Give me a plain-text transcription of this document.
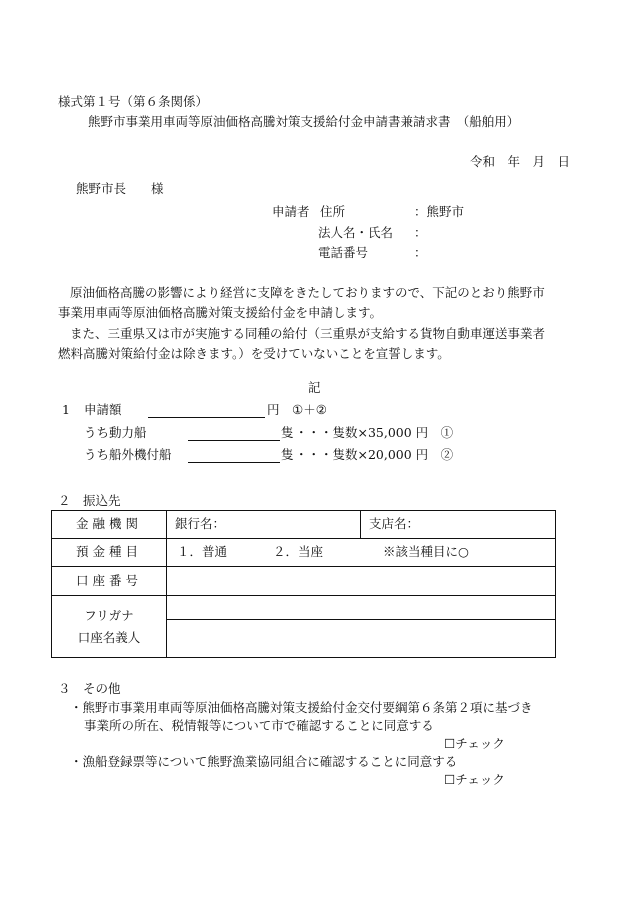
様式第１号（第６条関係）
熊野市事業用車両等原油価格高騰対策支援給付金申請書兼請求書　（船舶用）
令和　年　月　日
熊野市長　　様
申請者 住所	：熊野市
法人名・氏名 ：
電話番号	：
原油価格高騰の影響により経営に支障をきたしておりますので、下記のとおり熊野市
事業用車両等原油価格高騰対策支援給付金を申請します。
また、三重県又は市が実施する同種の給付（三重県が支給する貨物自動車運送事業者
燃料高騰対策給付金は除きます。）を受けていないことを宣誓します。
記
1 申請額	円 ①＋②
うち動力船	隻 ・・・隻数×35,000 円　①
うち船外機付船	隻 ・・・隻数×20,000 円　②
２　振込先
金融機関	銀行名：	支店名：
預金種目	１．普通 ２．当座 ※該当種目に○	
口座番号		

フリガナ
口座名義人		

３　その他
・熊野市事業用車両等原油価格高騰対策支援給付金交付要綱第６条第２項に基づき
事業所の所在、税情報等について市で確認することに同意する
☐チェック
・漁船登録票等について熊野漁業協同組合に確認することに同意する
☐チェック
